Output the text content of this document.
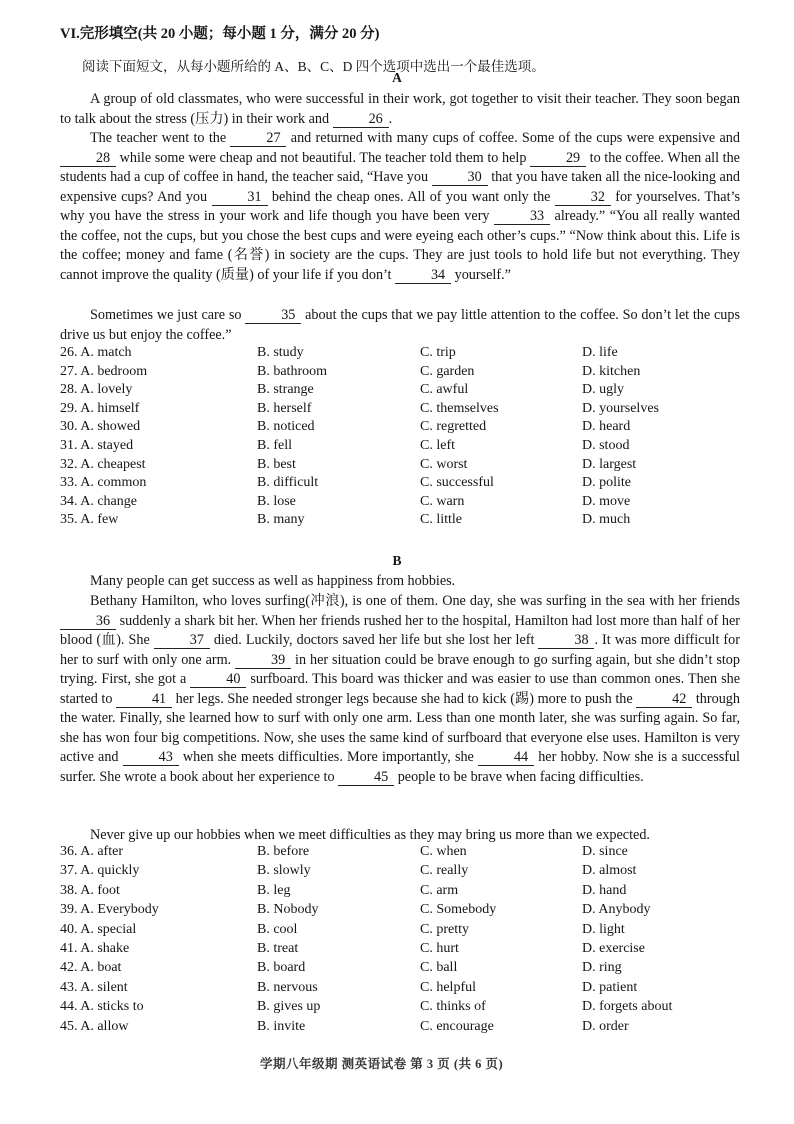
VI.完形填空(共 20 小题；每小题 1 分，满分 20 分)
阅读下面短文，从每小题所给的 A、B、C、D 四个选项中选出一个最佳选项。
A

A group of old classmates, who were successful in their work, got together to visit their teacher. They soon began to talk about the stress (压力) in their work and	26 .

The teacher went to the	27 and returned with many cups of coffee. Some of the cups were expensive and 28 while some were cheap and not beautiful. The teacher told them to help	29 to the coffee. When all the students had a cup of coffee in hand, the teacher said, “Have you	30 that you have taken all the nice-looking and expensive cups? And you	31 behind the cheap ones. All of you want only the	32 for yourselves. That’s why you have the stress in your work and life though you have been very	33 already.” “You all really wanted the coffee, not the cups, but you chose the best cups and were eyeing each other’s cups.” “Now think about this. Life is the coffee; money and fame (名誉) in society are the cups. They are just tools to hold life but not everything. They cannot improve the quality (质量) of your life if you don’t	34 yourself.”

Sometimes we just care so	35 about the cups that we pay little attention to the coffee. So don’t let the cups drive us but enjoy the coffee.”

26. A. match	B. study	C. trip	D. life
27. A. bedroom	B. bathroom	C. garden	D. kitchen
28. A. lovely	B. strange	C. awful	D. ugly
29. A. himself	B. herself	C. themselves	D. yourselves
30. A. showed	B. noticed	C. regretted	D. heard
31. A. stayed	B. fell	C. left	D. stood
32. A. cheapest	B. best	C. worst	D. largest
33. A. common	B. difficult	C. successful	D. polite
34. A. change	B. lose	C. warn	D. move
35. A. few	B. many	C. little	D. much
B

Many people can get success as well as happiness from hobbies.

Bethany Hamilton, who loves surfing(冲浪), is one of them. One day, she was surfing in the sea with her friends 36 suddenly a shark bit her. When her friends rushed her to the hospital, Hamilton had lost more than half of her blood (血). She	37 died. Luckily, doctors saved her life but she lost her left	38 . It was more difficult for her to surf with only one arm.	39 in her situation could be brave enough to go surfing again, but she didn’t stop trying. First, she got a	40 surfboard. This board was thicker and was easier to use than common ones. Then she started to	41 her legs. She needed stronger legs because she had to kick (踢) more to push the	42 through the water. Finally, she learned how to surf with only one arm. Less than one month later, she was surfing again. So far, she has won four big competitions. Now, she uses the same kind of surfboard that everyone else uses. Hamilton is very active and	43 when she meets difficulties. More importantly, she	44 her hobby. Now she is a successful surfer. She wrote a book about her experience to	45 people to be brave when facing difficulties.

Never give up our hobbies when we meet difficulties as they may bring us more than we expected.

36. A. after	B. before	C. when	D. since
37. A. quickly	B. slowly	C. really	D. almost
38. A. foot	B. leg	C. arm	D. hand
39. A. Everybody	B. Nobody	C. Somebody	D. Anybody
40. A. special	B. cool	C. pretty	D. light
41. A. shake	B. treat	C. hurt	D. exercise
42. A. boat	B. board	C. ball	D. ring
43. A. silent	B. nervous	C. helpful	D. patient
44. A. sticks to	B. gives up	C. thinks of	D. forgets about
45. A. allow	B. invite	C. encourage	D. order
学期八年级期 测英语试卷 第 3 页 (共 6 页)
